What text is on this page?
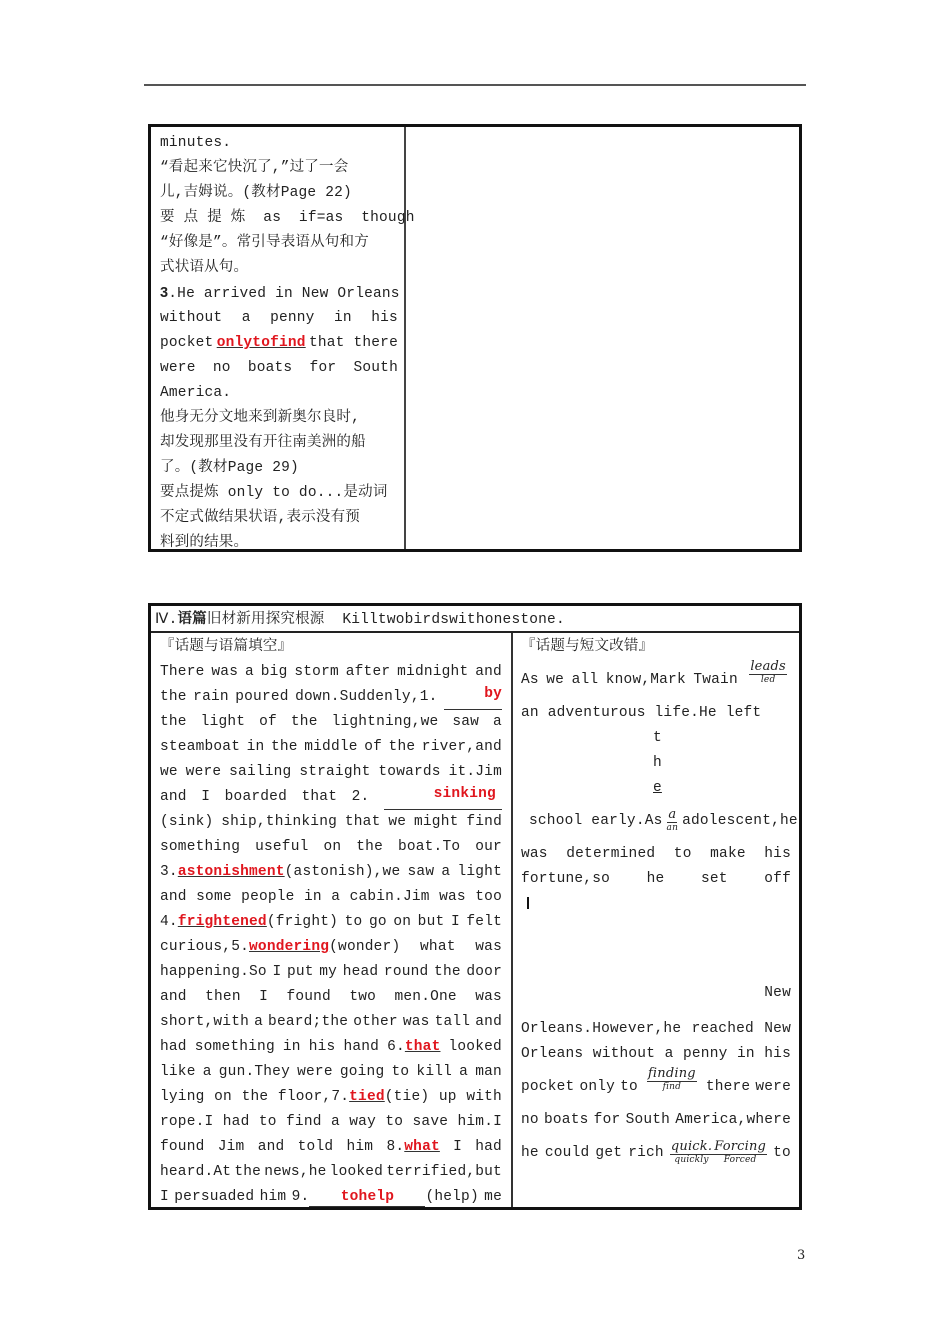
minutes.
“看起来它快沉了,”过了一会
儿,吉姆说。(教材Page 22)
要 点 提 炼  as  if=as  though
“好像是”。常引导表语从句和方
式状语从句。
3.He arrived in New Orleans
without a penny in his
pocket onlytofind that there
were no boats for South
America.
他身无分文地来到新奥尔良时,
却发现那里没有开往南美洲的船
了。(教材Page 29)
要点提炼 only to do...是动词
不定式做结果状语,表示没有预
料到的结果。
Ⅳ.语篇旧材新用探究根源 Killtwobirdswithonestone.
『话题与语篇填空』
There was a big storm after midnight and
the rain poured down.Suddenly,1.	by
the light of the lightning,we saw a
steamboat in the middle of the river,and
we were sailing straight towards it.Jim
and I boarded that 2.	sinking
(sink) ship,thinking that we might find
something useful on the boat.To our
3.astonishment(astonish),we saw a light
and some people in a cabin.Jim was too
4.frightened(fright) to go on but I felt
curious,5.wondering(wonder) what was
happening.So I put my head round the door
and then I found two men.One was
short,with a beard;the other was tall and
had something in his hand 6.that looked
like a gun.They were going to kill a man
lying on the floor,7.tied(tie) up with
rope.I had to find a way to save him.I
found Jim and told him 8.what I had
heard.At the news,he looked terrified,but
I persuaded him 9. tohelp (help) me
『话题与短文改错』
As we all know,Mark Twain $\frac{\text{leads}}{\text{led}}$
an adventurous life.He left
t
h
e
school early.As $\frac{a}{an}$ adolescent,he
was determined to make his
fortune,so	he	set	off
New
Orleans.However,he reached New
Orleans without a penny in his
pocket only to $\frac{\text{finding}}{\text{find}}$ there were
no boats for South America,where
he could get rich $\frac{\text{quick.}}{\text{quickly}} \frac{\text{Forcing}}{\text{Forced}}$ to
3
